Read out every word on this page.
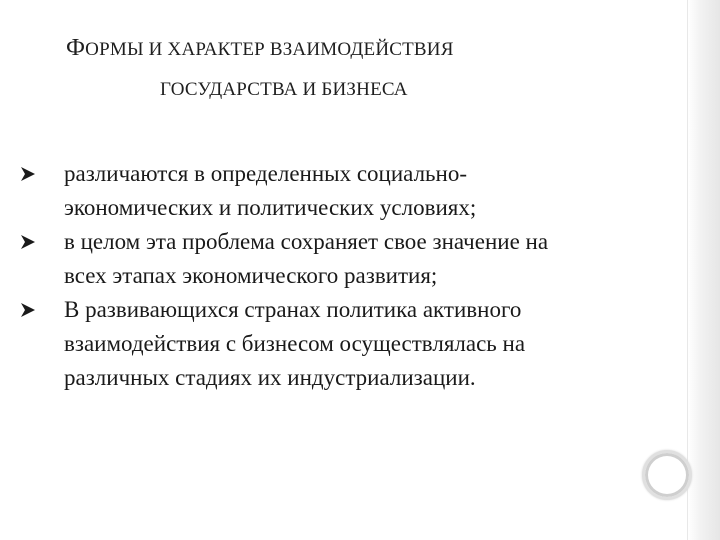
ФОРМЫ И ХАРАКТЕР ВЗАИМОДЕЙСТВИЯ
ГОСУДАРСТВА И БИЗНЕСА
различаются в определенных социально-
экономических и политических условиях;
в целом эта проблема сохраняет свое значение на
всех этапах экономического развития;
В развивающихся странах политика активного
взаимодействия с бизнесом осуществлялась на
различных стадиях их индустриализации.
